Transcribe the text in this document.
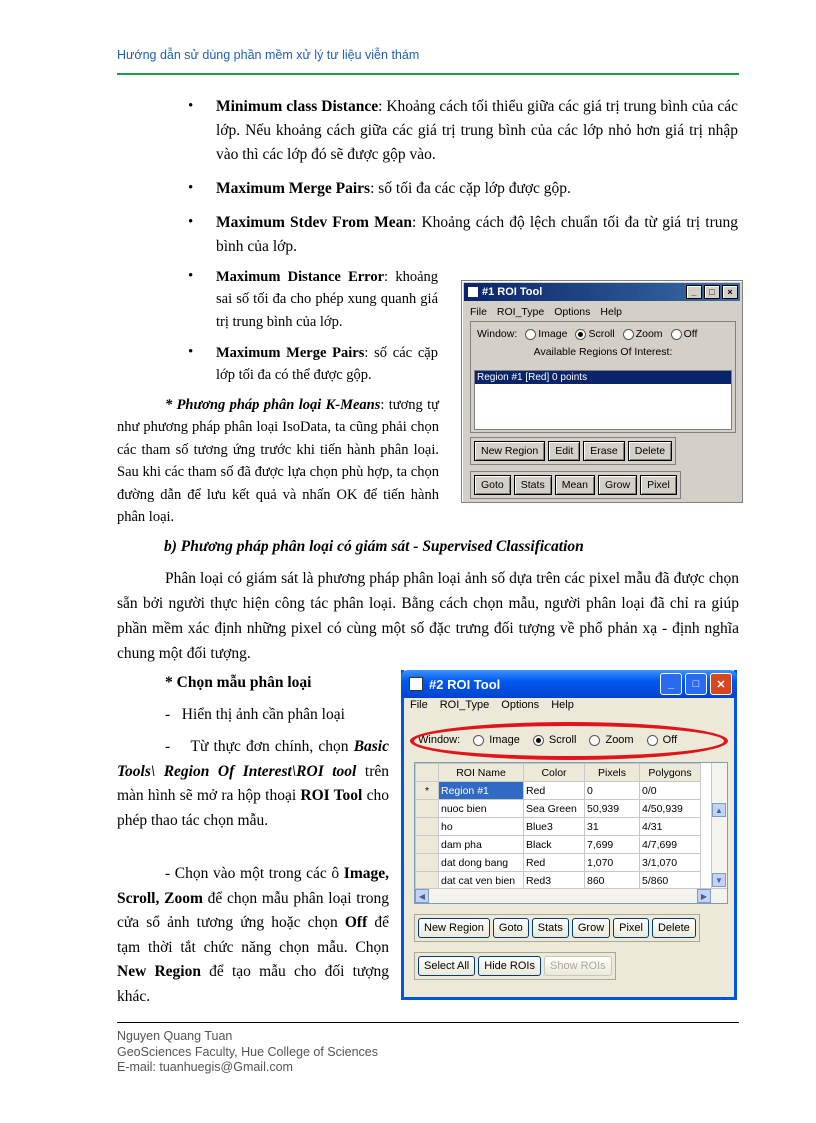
Hướng dẫn sử dùng phần mềm xử lý tư liệu viễn thám
• Minimum class Distance: Khoảng cách tối thiểu giữa các giá trị trung bình của các lớp. Nếu khoảng cách giữa các giá trị trung bình của các lớp nhỏ hơn giá trị nhập vào thì các lớp đó sẽ được gộp vào.
• Maximum Merge Pairs: số tối đa các cặp lớp được gộp.
• Maximum Stdev From Mean: Khoảng cách độ lệch chuẩn tối đa từ giá trị trung bình của lớp.
• Maximum Distance Error: khoảng sai số tối đa cho phép xung quanh giá trị trung bình của lớp.
• Maximum Merge Pairs: số các cặp lớp tối đa có thể được gộp.
* Phương pháp phân loại K-Means: tương tự như phương pháp phân loại IsoData, ta cũng phải chọn các tham số tương ứng trước khi tiến hành phân loại. Sau khi các tham số đã được lựa chọn phù hợp, ta chọn đường dẫn để lưu kết quả và nhấn OK để tiến hành phân loại.
#1 ROI Tool	_	□	×
File ROI_Type Options Help
Window:	Image	Scroll	Zoom	Off
Available Regions Of Interest:
Region #1 [Red] 0 points
New Region	Edit	Erase	Delete
Goto	Stats	Mean	Grow	Pixel
b) Phương pháp phân loại có giám sát - Supervised Classification
Phân loại có giám sát là phương pháp phân loại ảnh số dựa trên các pixel mẫu đã được chọn sẵn bởi người thực hiện công tác phân loại. Bằng cách chọn mẫu, người phân loại đã chỉ ra giúp phần mềm xác định những pixel có cùng một số đặc trưng đối tượng về phổ phản xạ - định nghĩa chung một đối tượng.
* Chọn mẫu phân loại
-   Hiển thị ảnh cần phân loại
-    Từ thực đơn chính, chọn Basic Tools\ Region Of Interest\ROI tool trên màn hình sẽ mở ra hộp thoại ROI Tool cho phép thao tác chọn mẫu.
- Chọn vào một trong các ô Image, Scroll, Zoom để chọn mẫu phân loại trong cửa sổ ảnh tương ứng hoặc chọn Off để tạm thời tắt chức năng chọn mẫu. Chọn New Region để tạo mẫu cho đối tượng khác.
#2 ROI Tool	_	□	✕
File ROI_Type Options Help
Window:	Image	Scroll	Zoom	Off
	ROI Name	Color	Pixels	Polygons
*	Region #1	Red	0	0/0
	nuoc bien	Sea Green	50,939	4/50,939
	ho	Blue3	31	4/31
	dam pha	Black	7,699	4/7,699
	dat dong bang	Red	1,070	3/1,070
	dat cat ven bien	Red3	860	5/860
▲
▼
◀	▶
New Region	Goto	Stats	Grow	Pixel	Delete
Select All	Hide ROIs	Show ROIs
Nguyen Quang Tuan
GeoSciences Faculty, Hue College of Sciences
E-mail: tuanhuegis@Gmail.com
